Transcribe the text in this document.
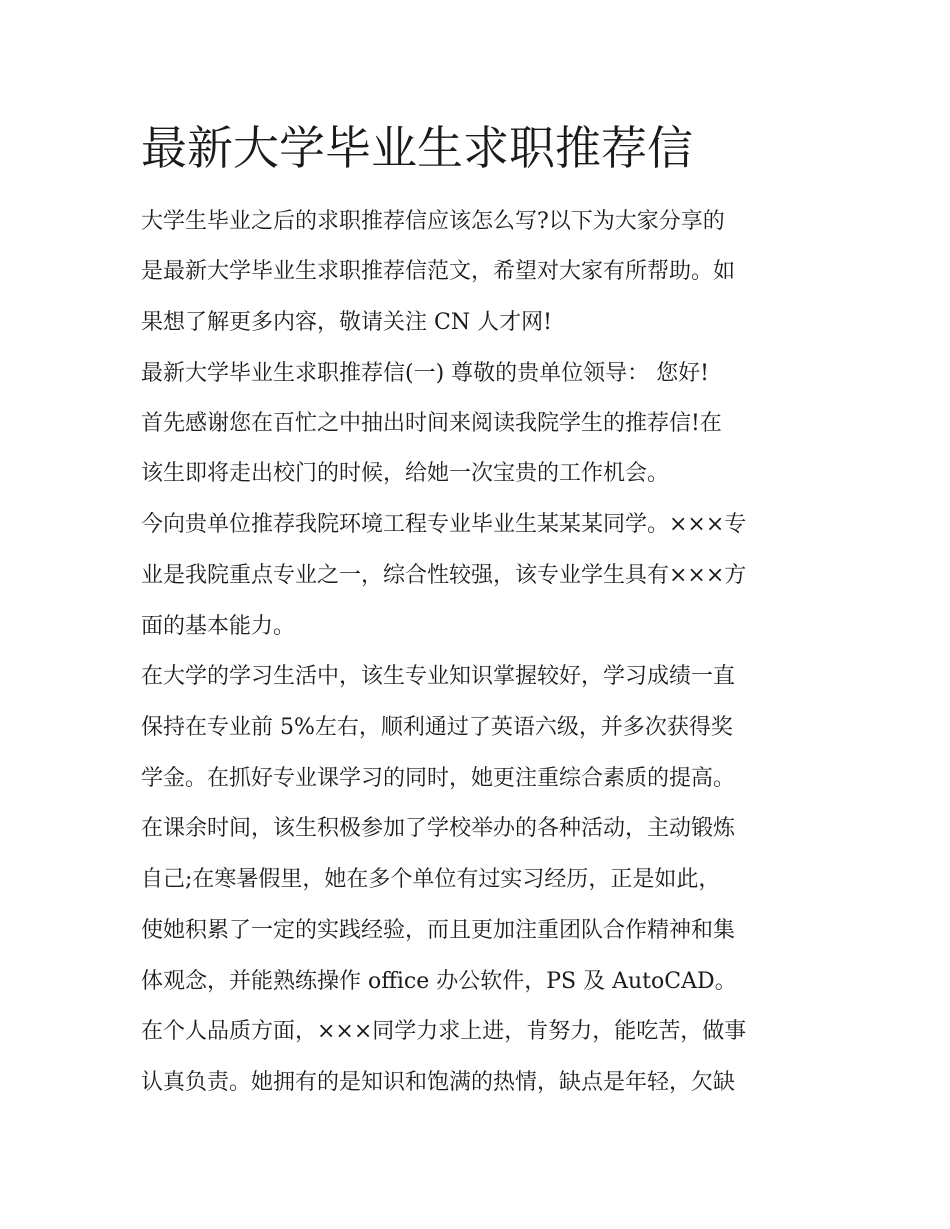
最新大学毕业生求职推荐信

大学生毕业之后的求职推荐信应该怎么写?以下为大家分享的

是最新大学毕业生求职推荐信范文，希望对大家有所帮助。如

果想了解更多内容，敬请关注 CN 人才网!

最新大学毕业生求职推荐信(一) 尊敬的贵单位领导： 您好!

首先感谢您在百忙之中抽出时间来阅读我院学生的推荐信!在

该生即将走出校门的时候，给她一次宝贵的工作机会。

今向贵单位推荐我院环境工程专业毕业生某某某同学。×××专

业是我院重点专业之一，综合性较强，该专业学生具有×××方

面的基本能力。

在大学的学习生活中，该生专业知识掌握较好，学习成绩一直

保持在专业前 5%左右，顺利通过了英语六级，并多次获得奖

学金。在抓好专业课学习的同时，她更注重综合素质的提高。

在课余时间，该生积极参加了学校举办的各种活动，主动锻炼

自己;在寒暑假里，她在多个单位有过实习经历，正是如此，

使她积累了一定的实践经验，而且更加注重团队合作精神和集

体观念，并能熟练操作 office 办公软件，PS 及 AutoCAD。

在个人品质方面，×××同学力求上进，肯努力，能吃苦，做事

认真负责。她拥有的是知识和饱满的热情，缺点是年轻，欠缺
